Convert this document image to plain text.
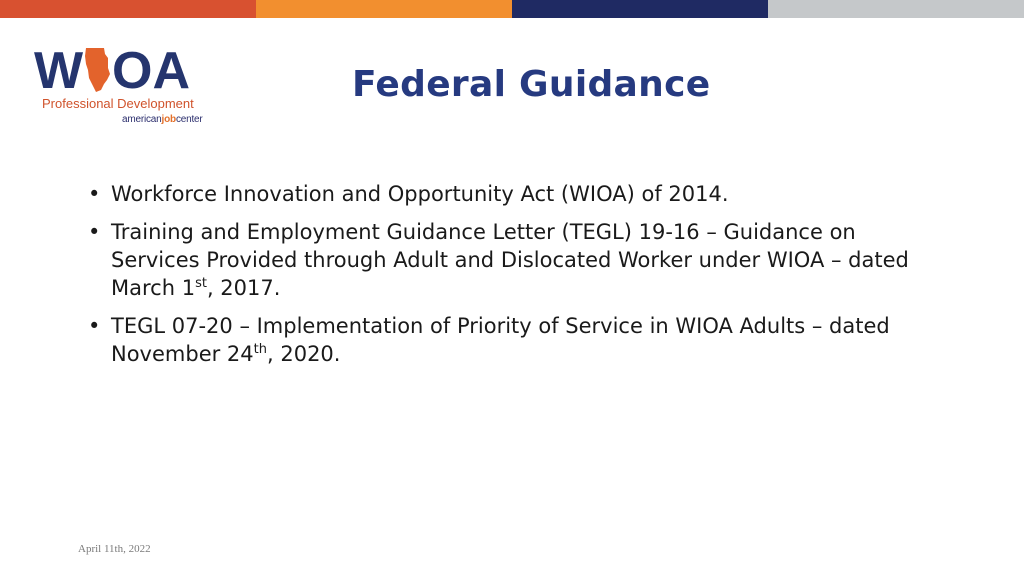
W OA
Professional Development
americanjobcenter
Federal Guidance
• Workforce Innovation and Opportunity Act (WIOA) of 2014.
• Training and Employment Guidance Letter (TEGL) 19-16 – Guidance on Services Provided through Adult and Dislocated Worker under WIOA – dated March 1st, 2017.
• TEGL 07-20 – Implementation of Priority of Service in WIOA Adults – dated November 24th, 2020.
April 11th, 2022
